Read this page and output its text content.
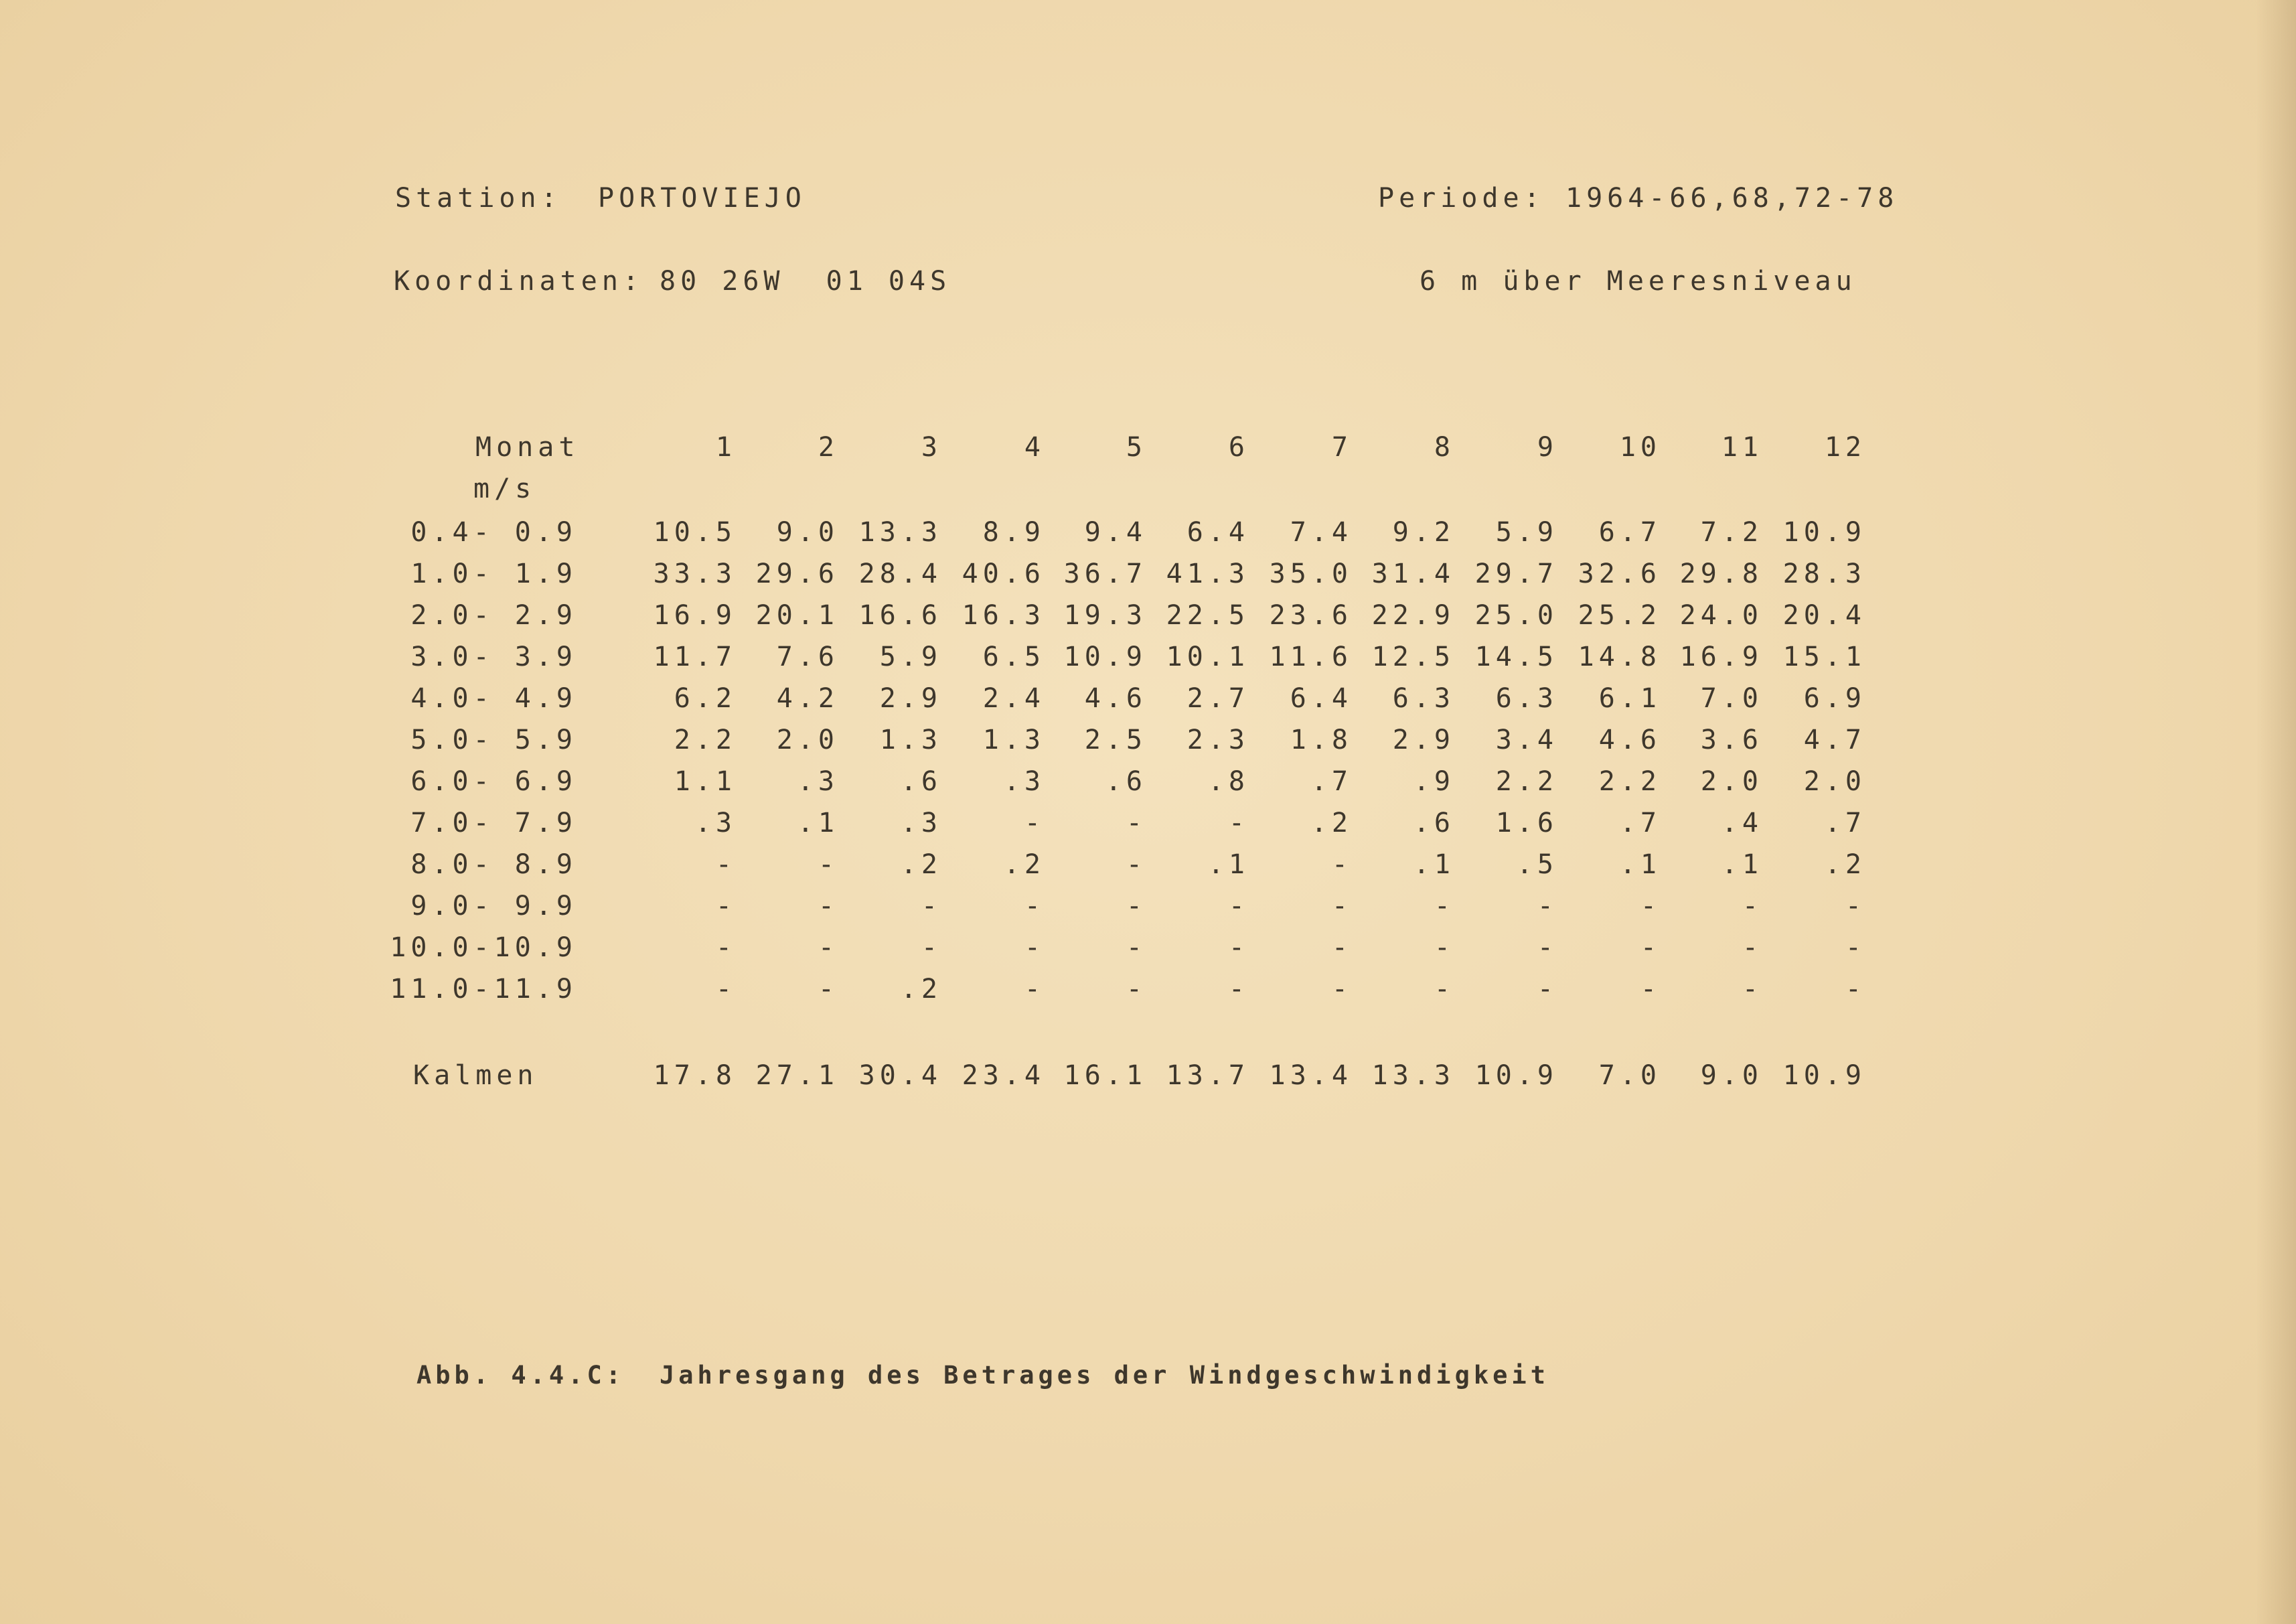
Station: PORTOVIEJO	Periode: 1964-66,68,72-78
Koordinaten: 80 26W  01 04S	6 m über Meeresniveau
Monat
m/s
1	2	3	4	5	6	7	8	9	10	11	12
0.4- 0.9	10.5	9.0 13.3	8.9	9.4	6.4	7.4	9.2	5.9	6.7	7.2 10.9
1.0- 1.9	33.3 29.6 28.4 40.6 36.7 41.3 35.0 31.4 29.7 32.6 29.8 28.3
2.0- 2.9	16.9 20.1 16.6 16.3 19.3 22.5 23.6 22.9 25.0 25.2 24.0 20.4
3.0- 3.9	11.7	7.6	5.9	6.5 10.9 10.1 11.6 12.5 14.5 14.8 16.9 15.1
4.0- 4.9	6.2	4.2	2.9	2.4	4.6	2.7	6.4	6.3	6.3	6.1	7.0	6.9
5.0- 5.9	2.2	2.0	1.3	1.3	2.5	2.3	1.8	2.9	3.4	4.6	3.6	4.7
6.0- 6.9	1.1	.3	.6	.3	.6	.8	.7	.9	2.2	2.2	2.0	2.0
7.0- 7.9	.3	.1	.3	-	-	-	.2	.6	1.6	.7	.4	.7
8.0- 8.9	-	-	.2	.2	-	.1	-	.1	.5	.1	.1	.2
9.0- 9.9	-	-	-	-	-	-	-	-	-	-	-	-
10.0-10.9	-	-	-	-	-	-	-	-	-	-	-	-
11.0-11.9	-	-	.2	-	-	-	-	-	-	-	-	-
Kalmen	17.8 27.1 30.4 23.4 16.1 13.7 13.4 13.3 10.9	7.0	9.0 10.9
Abb. 4.4.C: Jahresgang des Betrages der Windgeschwindigkeit
